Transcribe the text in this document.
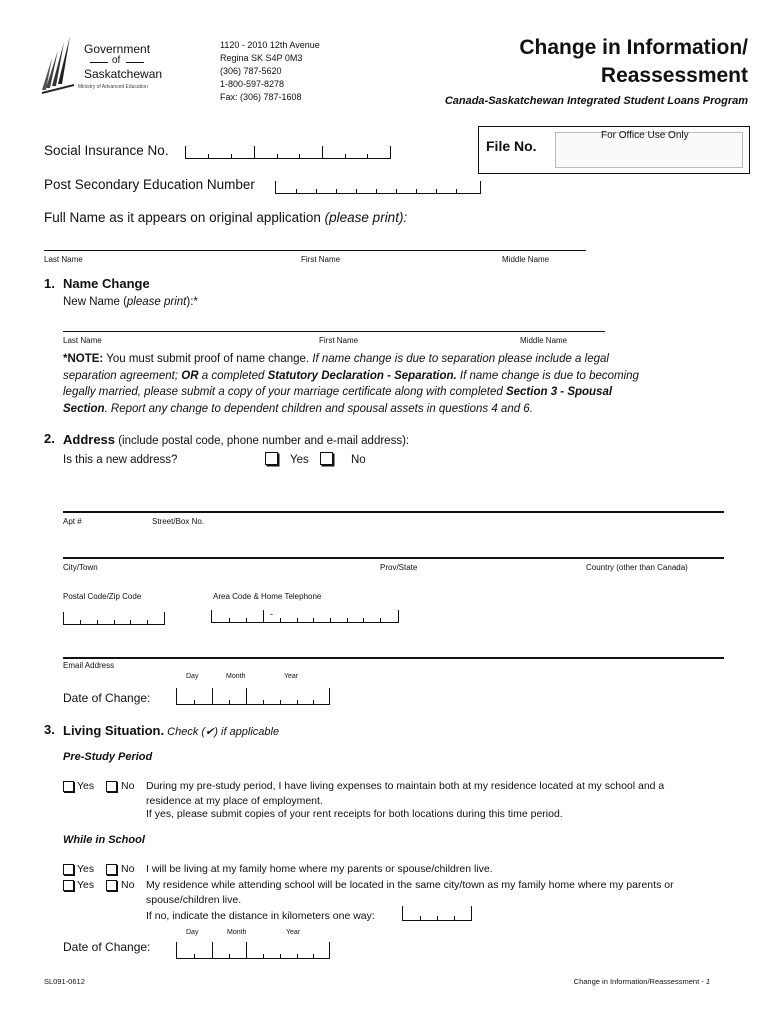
Government
of
Saskatchewan
Ministry of Advanced Education
1120 - 2010 12th Avenue
Regina SK S4P 0M3
(306) 787-5620
1-800-597-8278
Fax: (306) 787-1608
Change in Information/
Reassessment
Canada-Saskatchewan Integrated Student Loans Program
File No.
For Office Use Only
Social Insurance No.
Post Secondary Education Number
Full Name as it appears on original application (please print):
Last Name	First Name	Middle Name
1. Name Change
New Name (please print):*
Last Name	First Name	Middle Name
*NOTE: You must submit proof of name change. If name change is due to separation please include a legal
separation agreement; OR a completed Statutory Declaration - Separation. If name change is due to becoming
legally married, please submit a copy of your marriage certificate along with completed Section 3 - Spousal
Section. Report any change to dependent children and spousal assets in questions 4 and 6.
2. Address (include postal code, phone number and e-mail address):
Is this a new address?	Yes	No
Apt #	Street/Box No.
City/Town	Prov/State	Country (other than Canada)
Postal Code/Zip Code	Area Code & Home Telephone
-
Email Address
Day	Month	Year
Date of Change:
3. Living Situation. Check (✔) if applicable
Pre-Study Period
Yes	No During my pre-study period, I have living expenses to maintain both at my residence located at my school and a
residence at my place of employment.
If yes, please submit copies of your rent receipts for both locations during this time period.
While in School
Yes	No I will be living at my family home where my parents or spouse/children live.
Yes	No My residence while attending school will be located in the same city/town as my family home where my parents or
spouse/children live.
If no, indicate the distance in kilometers one way:
Day	Month	Year
Date of Change:
SL091-0612	Change in Information/Reassessment - 1
